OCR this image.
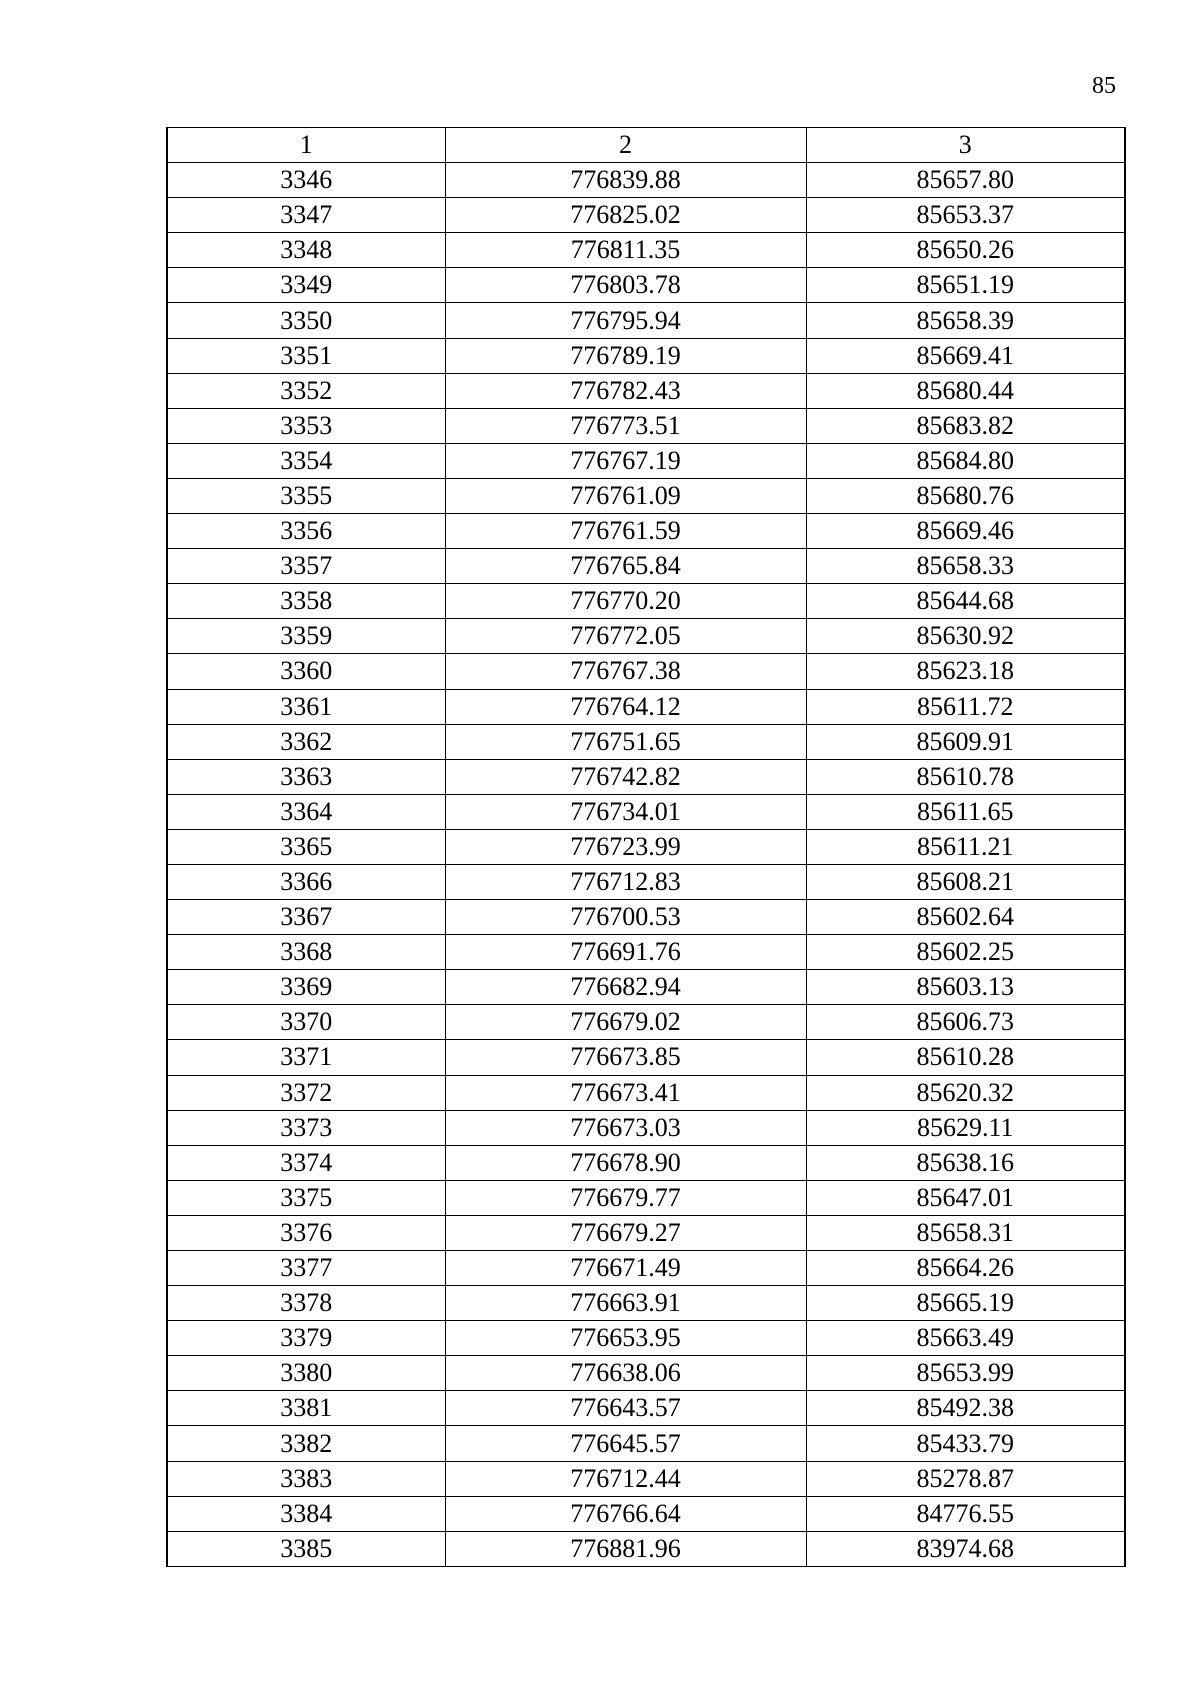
85
1	2	3
3346	776839.88	85657.80
3347	776825.02	85653.37
3348	776811.35	85650.26
3349	776803.78	85651.19
3350	776795.94	85658.39
3351	776789.19	85669.41
3352	776782.43	85680.44
3353	776773.51	85683.82
3354	776767.19	85684.80
3355	776761.09	85680.76
3356	776761.59	85669.46
3357	776765.84	85658.33
3358	776770.20	85644.68
3359	776772.05	85630.92
3360	776767.38	85623.18
3361	776764.12	85611.72
3362	776751.65	85609.91
3363	776742.82	85610.78
3364	776734.01	85611.65
3365	776723.99	85611.21
3366	776712.83	85608.21
3367	776700.53	85602.64
3368	776691.76	85602.25
3369	776682.94	85603.13
3370	776679.02	85606.73
3371	776673.85	85610.28
3372	776673.41	85620.32
3373	776673.03	85629.11
3374	776678.90	85638.16
3375	776679.77	85647.01
3376	776679.27	85658.31
3377	776671.49	85664.26
3378	776663.91	85665.19
3379	776653.95	85663.49
3380	776638.06	85653.99
3381	776643.57	85492.38
3382	776645.57	85433.79
3383	776712.44	85278.87
3384	776766.64	84776.55
3385	776881.96	83974.68
